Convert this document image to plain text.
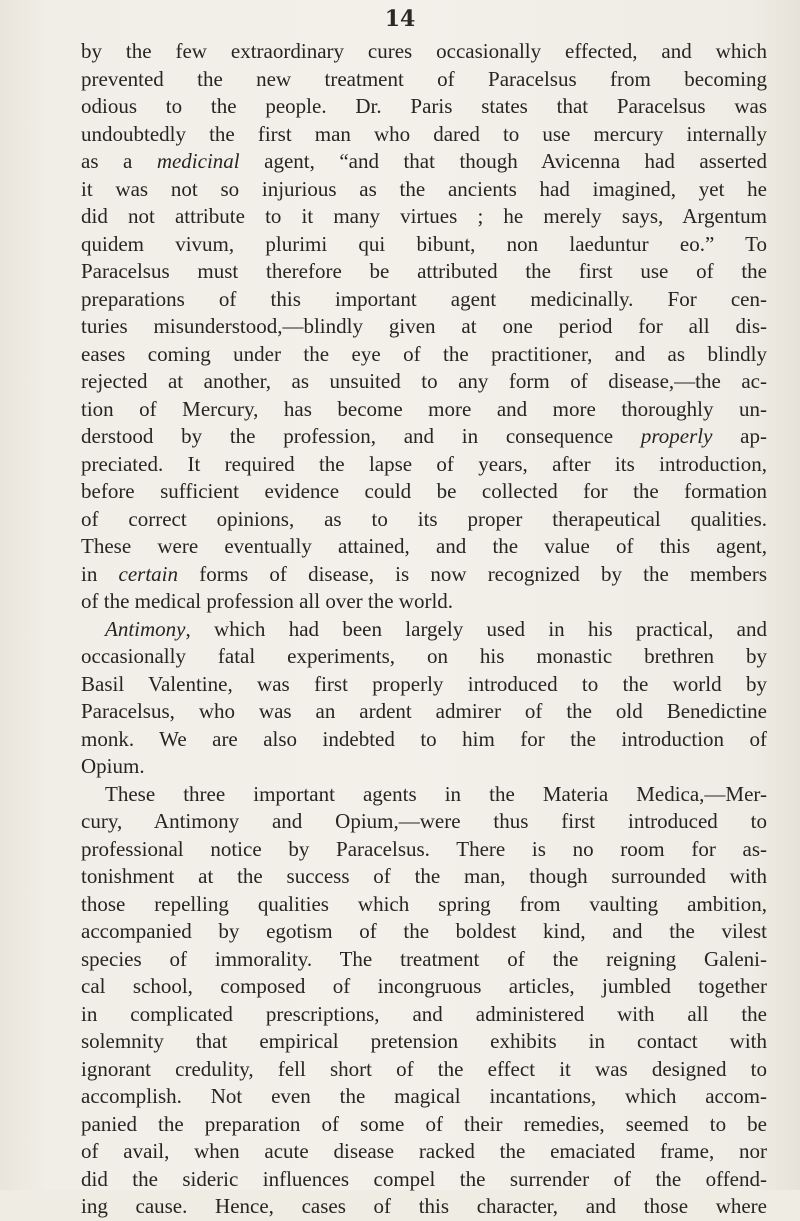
14
by the few extraordinary cures occasionally effected, and which
prevented the new treatment of Paracelsus from becoming
odious to the people. Dr. Paris states that Paracelsus was
undoubtedly the first man who dared to use mercury internally
as a medicinal agent, “and that though Avicenna had asserted
it was not so injurious as the ancients had imagined, yet he
did not attribute to it many virtues ; he merely says, Argentum
quidem vivum, plurimi qui bibunt, non laeduntur eo.” To
Paracelsus must therefore be attributed the first use of the
preparations of this important agent medicinally. For cen-
turies misunderstood,—blindly given at one period for all dis-
eases coming under the eye of the practitioner, and as blindly
rejected at another, as unsuited to any form of disease,—the ac-
tion of Mercury, has become more and more thoroughly un-
derstood by the profession, and in consequence properly ap-
preciated. It required the lapse of years, after its introduction,
before sufficient evidence could be collected for the formation
of correct opinions, as to its proper therapeutical qualities.
These were eventually attained, and the value of this agent,
in certain forms of disease, is now recognized by the members
of the medical profession all over the world.
Antimony, which had been largely used in his practical, and
occasionally fatal experiments, on his monastic brethren by
Basil Valentine, was first properly introduced to the world by
Paracelsus, who was an ardent admirer of the old Benedictine
monk. We are also indebted to him for the introduction of
Opium.
These three important agents in the Materia Medica,—Mer-
cury, Antimony and Opium,—were thus first introduced to
professional notice by Paracelsus. There is no room for as-
tonishment at the success of the man, though surrounded with
those repelling qualities which spring from vaulting ambition,
accompanied by egotism of the boldest kind, and the vilest
species of immorality. The treatment of the reigning Galeni-
cal school, composed of incongruous articles, jumbled together
in complicated prescriptions, and administered with all the
solemnity that empirical pretension exhibits in contact with
ignorant credulity, fell short of the effect it was designed to
accomplish. Not even the magical incantations, which accom-
panied the preparation of some of their remedies, seemed to be
of avail, when acute disease racked the emaciated frame, nor
did the sideric influences compel the surrender of the offend-
ing cause. Hence, cases of this character, and those where
